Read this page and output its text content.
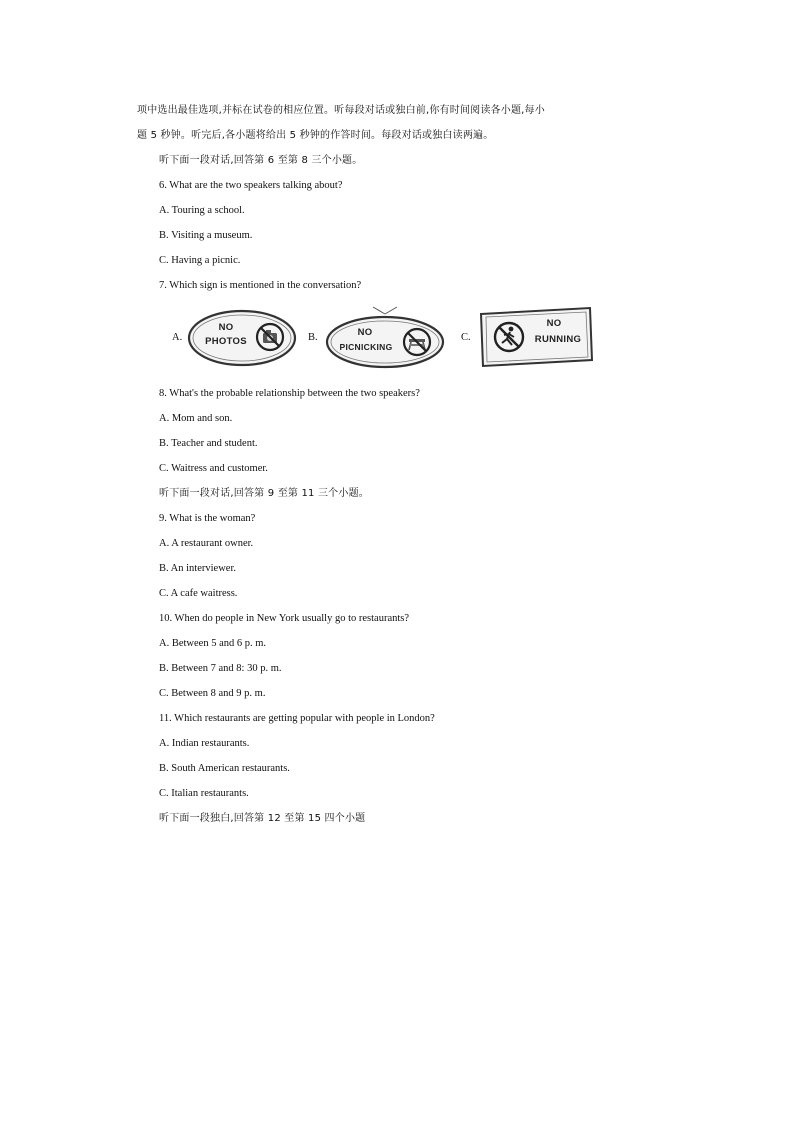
项中选出最佳选项,并标在试卷的相应位置。听每段对话或独白前,你有时间阅读各小题,每小
题 5 秒钟。听完后,各小题将给出 5 秒钟的作答时间。每段对话或独白读两遍。
听下面一段对话,回答第 6 至第 8 三个小题。
6. What are the two speakers talking about?
A. Touring a school.
B. Visiting a museum.
C. Having a picnic.
7. Which sign is mentioned in the conversation?
A.
NO
PHOTOS	B.	NO
PICNICKING
C.
NO
RUNNING
8. What's the probable relationship between the two speakers?
A. Mom and son.
B. Teacher and student.
C. Waitress and customer.
听下面一段对话,回答第 9 至第 11 三个小题。
9. What is the woman?
A. A restaurant owner.
B. An interviewer.
C. A cafe waitress.
10. When do people in New York usually go to restaurants?
A. Between 5 and 6 p. m.
B. Between 7 and 8: 30 p. m.
C. Between 8 and 9 p. m.
11. Which restaurants are getting popular with people in London?
A. Indian restaurants.
B. South American restaurants.
C. Italian restaurants.
听下面一段独白,回答第 12 至第 15 四个小题
